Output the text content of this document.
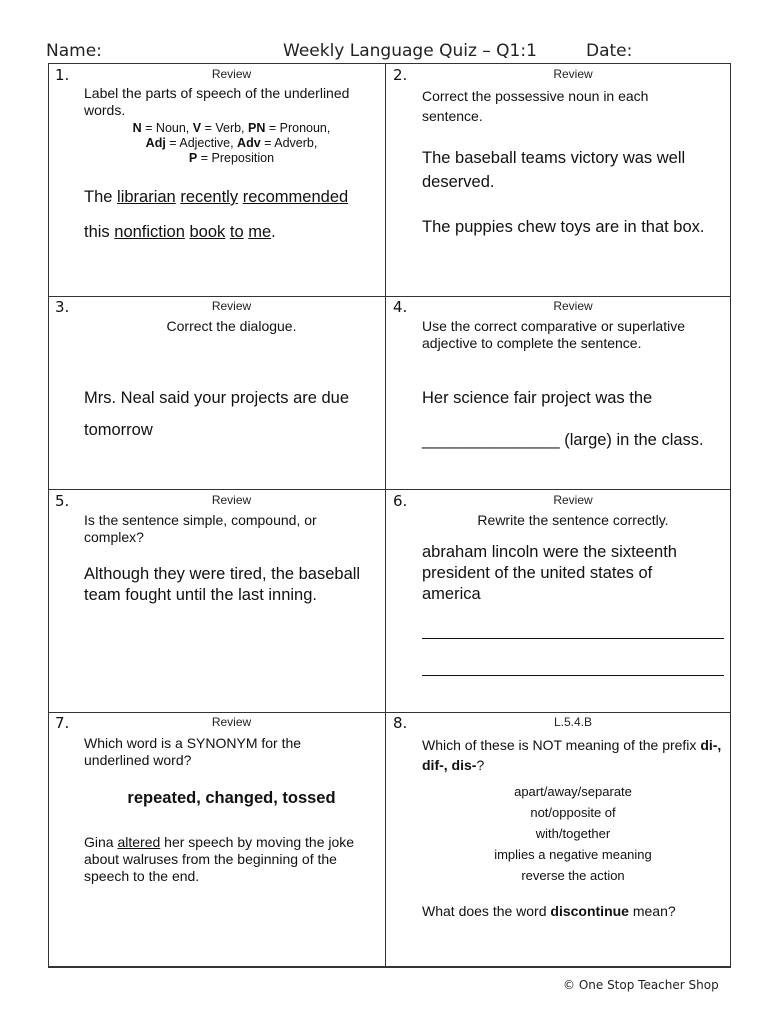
Name:	Weekly Language Quiz – Q1:1	Date:
1.	Review
Label the parts of speech of the underlined words.
N = Noun, V = Verb, PN = Pronoun,
Adj = Adjective, Adv = Adverb,
P = Preposition
The librarian recently recommended
this nonfiction book to me.
2.	Review
Correct the possessive noun in each sentence.
The baseball teams victory was well deserved.
The puppies chew toys are in that box.
3.	Review
Correct the dialogue.
Mrs. Neal said your projects are due
tomorrow
4.	Review
Use the correct comparative or superlative adjective to complete the sentence.
Her science fair project was the
_______________ (large) in the class.
5.	Review
Is the sentence simple, compound, or complex?
Although they were tired, the baseball team fought until the last inning.
6.	Review
Rewrite the sentence correctly.
abraham lincoln were the sixteenth president of the united states of america
7.	Review
Which word is a SYNONYM for the underlined word?
repeated, changed, tossed
Gina altered her speech by moving the joke about walruses from the beginning of the speech to the end.
8.	L.5.4.B
Which of these is NOT meaning of the prefix di-, dif-, dis-?
apart/away/separate
not/opposite of
with/together
implies a negative meaning
reverse the action
What does the word discontinue mean?
© One Stop Teacher Shop
